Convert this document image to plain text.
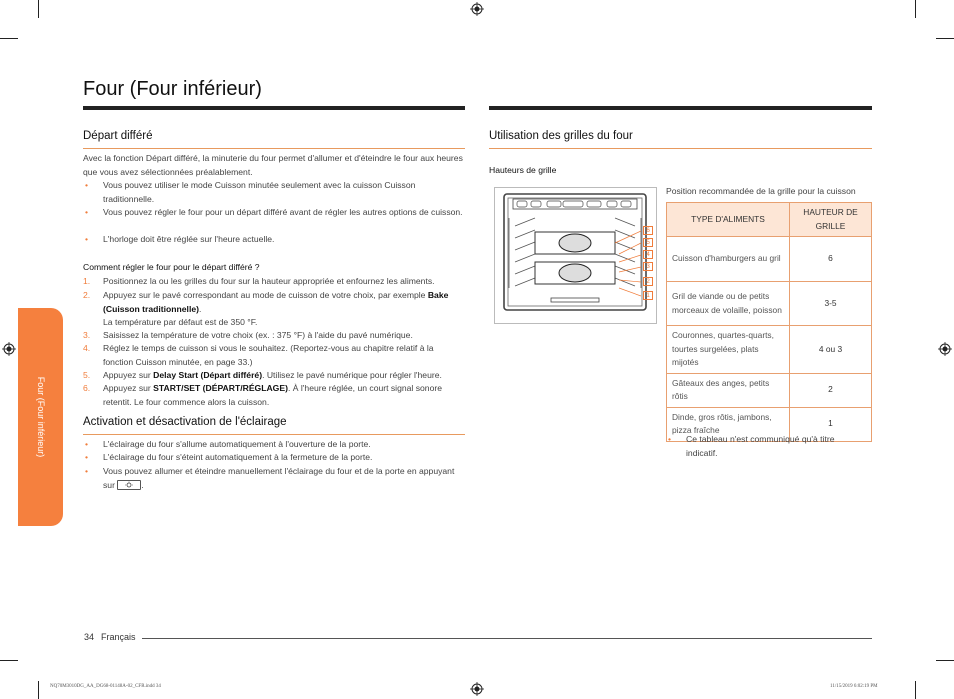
Four (Four inférieur)
Four (Four inférieur)
Départ différé
Avec la fonction Départ différé, la minuterie du four permet d'allumer et d'éteindre le four aux heures que vous avez sélectionnées préalablement.
• Vous pouvez utiliser le mode Cuisson minutée seulement avec la cuisson Cuisson traditionnelle.
• Vous pouvez régler le four pour un départ différé avant de régler les autres options de cuisson.
• L'horloge doit être réglée sur l'heure actuelle.
Comment régler le four pour le départ différé ?
1. Positionnez la ou les grilles du four sur la hauteur appropriée et enfournez les aliments.
2. Appuyez sur le pavé correspondant au mode de cuisson de votre choix, par exemple Bake
(Cuisson traditionnelle).
La température par défaut est de 350 °F.
3. Saisissez la température de votre choix (ex. : 375 °F) à l'aide du pavé numérique.
4. Réglez le temps de cuisson si vous le souhaitez. (Reportez-vous au chapitre relatif à la fonction Cuisson minutée, en page 33.)
5. Appuyez sur Delay Start (Départ différé). Utilisez le pavé numérique pour régler l'heure.
6. Appuyez sur START/SET (DÉPART/RÉGLAGE). À l'heure réglée, un court signal sonore retentit. Le four commence alors la cuisson.
Activation et désactivation de l'éclairage
• L'éclairage du four s'allume automatiquement à l'ouverture de la porte.
• L'éclairage du four s'éteint automatiquement à la fermeture de la porte.
• Vous pouvez allumer et éteindre manuellement l'éclairage du four et de la porte en appuyant sur	.
Utilisation des grilles du four
Hauteurs de grille
6
5
4
3
2
1
Position recommandée de la grille pour la cuisson
TYPE D'ALIMENTS	HAUTEUR DE GRILLE
Cuisson d'hamburgers au gril	6
Gril de viande ou de petits morceaux de volaille, poisson	3-5
Couronnes, quartes-quarts, tourtes surgelées, plats mijotés	4 ou 3
Gâteaux des anges, petits rôtis	2
Dinde, gros rôtis, jambons, pizza fraîche	1
• Ce tableau n'est communiqué qu'à titre indicatif.
34 Français
NQ70M3010DG_AA_DG68-01148A-02_CFR.indd 34	11/15/2019 6:02:19 PM
